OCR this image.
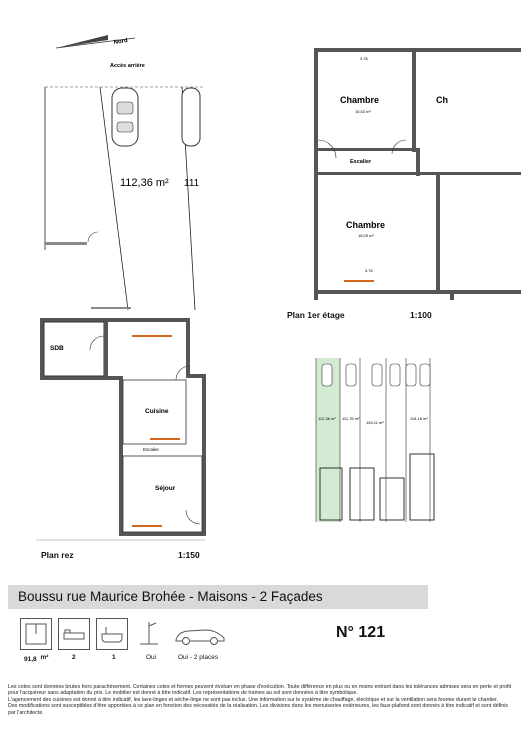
Nord
Accès arrière
112,36 m² 111
SDB
Cuisine
Escalier
Séjour
Plan rez	1:150
3.76
Chambre
15,53 m²
Ch
Escalier
Chambre
18,05 m²
3.76
Plan 1er étage	1:100
112,36 m² 111,76 m²
145,11 m²
118,16 m²
Boussu rue Maurice Brohée - Maisons - 2 Façades
91,8 m²	2	1	Oui	Oui - 2 places
N° 121
Les cotes sont données brutes hors parachèvement. Certaines cotes et formes peuvent évoluer en phase d'exécution. Toute différence en plus ou en moins entrant dans les tolérances admises sera en perte et profit pour l'acquéreur sans adaptation du prix. Le mobilier est donné à titre indicatif. Les représentations de trames au sol sont données à titre symbolique.
L'agencement des cuisines est donné à titre indicatif, les lave-linges et sèche-linge ne sont pas inclus. Une information sur le système de chauffage, électrique et sur la ventilation sera fournie durant le chantier.
Des modifications sont susceptibles d'être apportées à ce plan en fonction des nécessités de la réalisation. Les divisions dans les menuiseries extérieures, les faux-plafond sont donnés à titre indicatif et sont définis par l'architecte.
